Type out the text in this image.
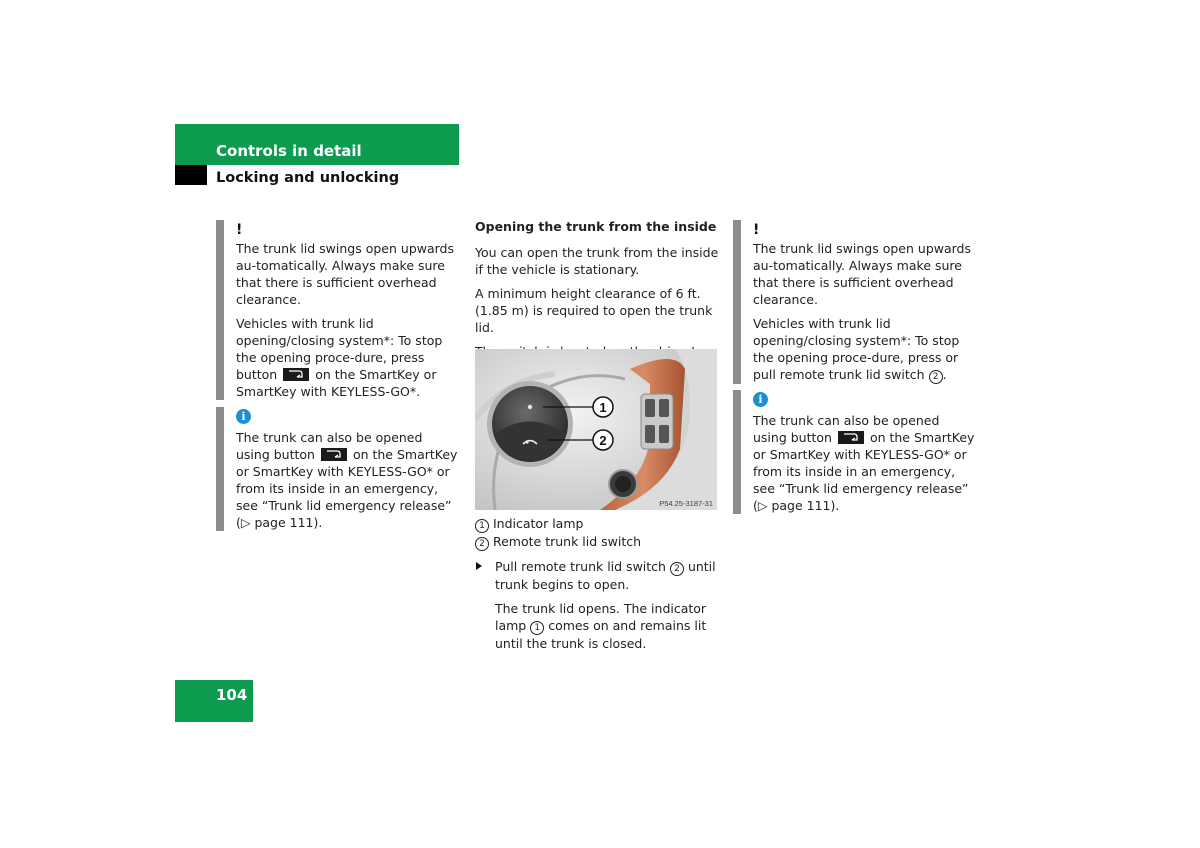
Controls in detail
Locking and unlocking
!

The trunk lid swings open upwards au-tomatically. Always make sure that there is sufficient overhead clearance.

Vehicles with trunk lid opening/closing system*: To stop the opening proce-dure, press button	on the SmartKey or SmartKey with KEYLESS-GO*.

i

The trunk can also be opened using button	on the SmartKey or SmartKey with KEYLESS-GO* or from its inside in an emergency, see “Trunk lid emergency release” (▷ page 111).

Opening the trunk from the inside

You can open the trunk from the inside if the vehicle is stationary.

A minimum height clearance of 6 ft. (1.85 m) is required to open the trunk lid.

1
2
P54.25-3187-31
1 Indicator lamp
2 Remote trunk lid switch
Pull remote trunk lid switch 2 until trunk begins to open.
The trunk lid opens. The indicator lamp 1 comes on and remains lit until the trunk is closed.
!

The trunk lid swings open upwards au-tomatically. Always make sure that there is sufficient overhead clearance.

Vehicles with trunk lid opening/closing system*: To stop the opening proce-dure, press or pull remote trunk lid switch 2 .

i

The trunk can also be opened using button	on the SmartKey or SmartKey with KEYLESS-GO* or from its inside in an emergency, see “Trunk lid emergency release” (▷ page 111).

104
